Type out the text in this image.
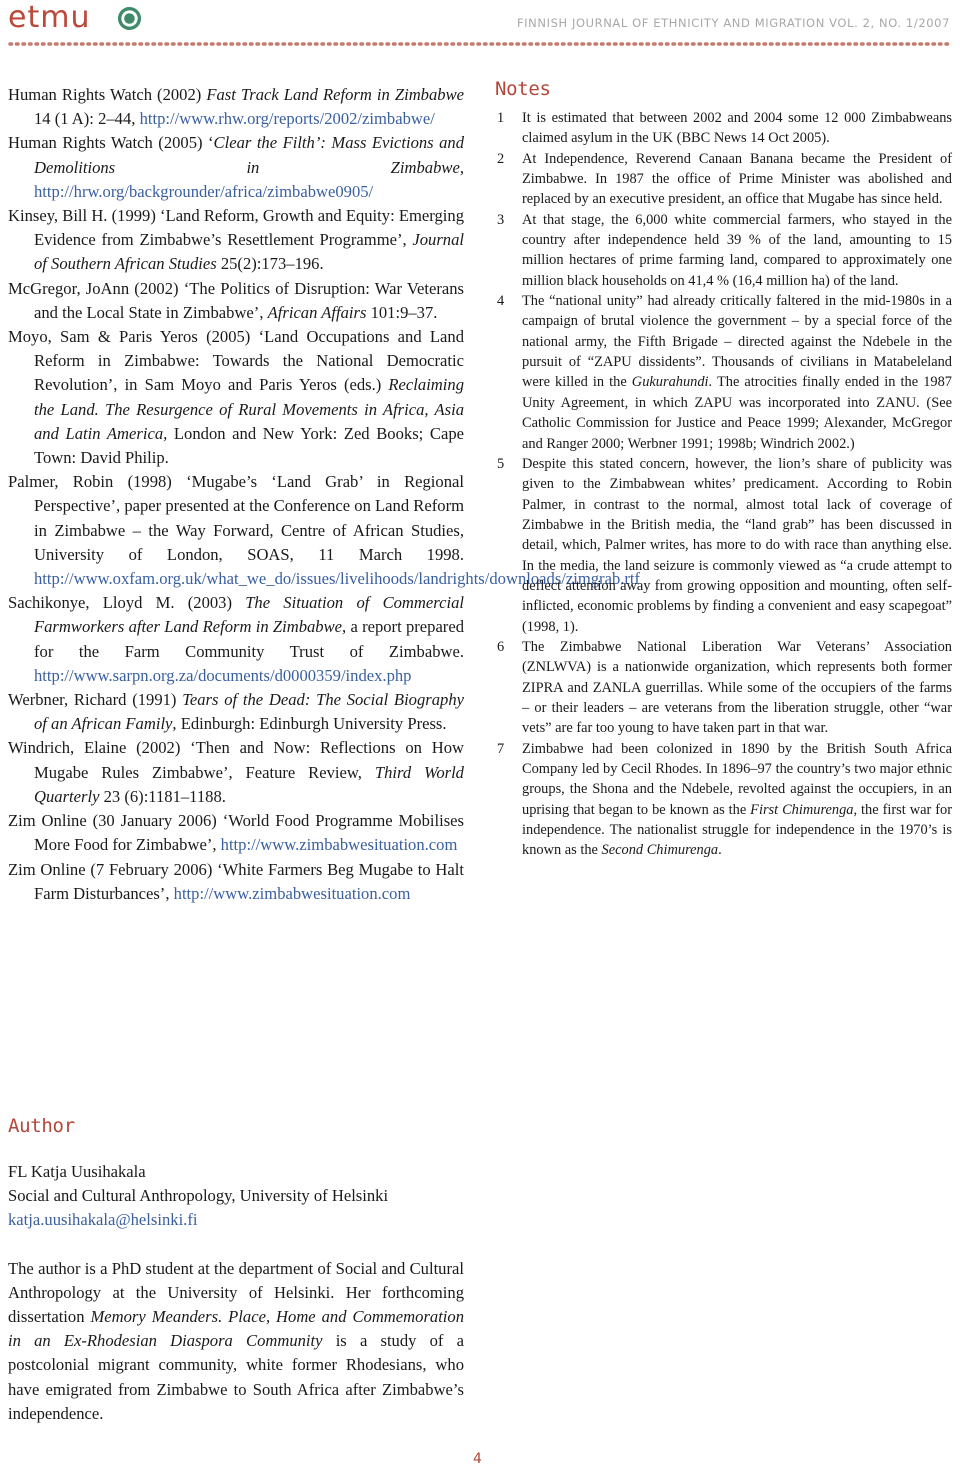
etmu	FINNISH JOURNAL OF ETHNICITY AND MIGRATION VOL. 2, NO. 1/2007
Human Rights Watch (2002) Fast Track Land Reform in Zimbabwe 14 (1 A): 2–44, http://www.rhw.org/reports/2002/zimbabwe/
Human Rights Watch (2005) ‘Clear the Filth’: Mass Evictions and Demolitions in Zimbabwe, http://hrw.org/backgrounder/africa/zimbabwe0905/
Kinsey, Bill H. (1999) ‘Land Reform, Growth and Equity: Emerging Evidence from Zimbabwe’s Resettlement Programme’, Journal of Southern African Studies 25(2):173–196.
McGregor, JoAnn (2002) ‘The Politics of Disruption: War Veterans and the Local State in Zimbabwe’, African Affairs 101:9–37.
Moyo, Sam & Paris Yeros (2005) ‘Land Occupations and Land Reform in Zimbabwe: Towards the National Democratic Revolution’, in Sam Moyo and Paris Yeros (eds.) Reclaiming the Land. The Resurgence of Rural Movements in Africa, Asia and Latin America, London and New York: Zed Books; Cape Town: David Philip.
Palmer, Robin (1998) ‘Mugabe’s ‘Land Grab’ in Regional Perspective’, paper presented at the Conference on Land Reform in Zimbabwe – the Way Forward, Centre of African Studies, University of London, SOAS, 11 March 1998. http://www.oxfam.org.uk/what_we_do/issues/livelihoods/landrights/downloads/zimgrab.rtf
Sachikonye, Lloyd M. (2003) The Situation of Commercial Farmworkers after Land Reform in Zimbabwe, a report prepared for the Farm Community Trust of Zimbabwe. http://www.sarpn.org.za/documents/d0000359/index.php
Werbner, Richard (1991) Tears of the Dead: The Social Biography of an African Family, Edinburgh: Edinburgh University Press.
Windrich, Elaine (2002) ‘Then and Now: Reflections on How Mugabe Rules Zimbabwe’, Feature Review, Third World Quarterly 23 (6):1181–1188.
Zim Online (30 January 2006) ‘World Food Programme Mobilises More Food for Zimbabwe’, http://www.zimbabwesituation.com
Zim Online (7 February 2006) ‘White Farmers Beg Mugabe to Halt Farm Disturbances’, http://www.zimbabwesituation.com
Notes
1 It is estimated that between 2002 and 2004 some 12 000 Zimbabweans claimed asylum in the UK (BBC News 14 Oct 2005).
2 At Independence, Reverend Canaan Banana became the President of Zimbabwe. In 1987 the office of Prime Minister was abolished and replaced by an executive president, an office that Mugabe has since held.
3 At that stage, the 6,000 white commercial farmers, who stayed in the country after independence held 39 % of the land, amounting to 15 million hectares of prime farming land, compared to approximately one million black households on 41,4 % (16,4 million ha) of the land.
4 The “national unity” had already critically faltered in the mid-1980s in a campaign of brutal violence the government – by a special force of the national army, the Fifth Brigade – directed against the Ndebele in the pursuit of “ZAPU dissidents”. Thousands of civilians in Matabeleland were killed in the Gukurahundi. The atrocities finally ended in the 1987 Unity Agreement, in which ZAPU was incorporated into ZANU. (See Catholic Commission for Justice and Peace 1999; Alexander, McGregor and Ranger 2000; Werbner 1991; 1998b; Windrich 2002.)
5 Despite this stated concern, however, the lion’s share of publicity was given to the Zimbabwean whites’ predicament. According to Robin Palmer, in contrast to the normal, almost total lack of coverage of Zimbabwe in the British media, the “land grab” has been discussed in detail, which, Palmer writes, has more to do with race than anything else. In the media, the land seizure is commonly viewed as “a crude attempt to deflect attention away from growing opposition and mounting, often self-inflicted, economic problems by finding a convenient and easy scapegoat” (1998, 1).
6 The Zimbabwe National Liberation War Veterans’ Association (ZNLWVA) is a nationwide organization, which represents both former ZIPRA and ZANLA guerrillas. While some of the occupiers of the farms – or their leaders – are veterans from the liberation struggle, other “war vets” are far too young to have taken part in that war.
7 Zimbabwe had been colonized in 1890 by the British South Africa Company led by Cecil Rhodes. In 1896–97 the country’s two major ethnic groups, the Shona and the Ndebele, revolted against the occupiers, in an uprising that began to be known as the First Chimurenga, the first war for independence. The nationalist struggle for independence in the 1970’s is known as the Second Chimurenga.
Author
FL Katja Uusihakala
Social and Cultural Anthropology, University of Helsinki
katja.uusihakala@helsinki.fi
The author is a PhD student at the department of Social and Cultural Anthropology at the University of Helsinki. Her forthcoming dissertation Memory Meanders. Place, Home and Commemoration in an Ex-Rhodesian Diaspora Community is a study of a postcolonial migrant community, white former Rhodesians, who have emigrated from Zimbabwe to South Africa after Zimbabwe’s independence.
4
